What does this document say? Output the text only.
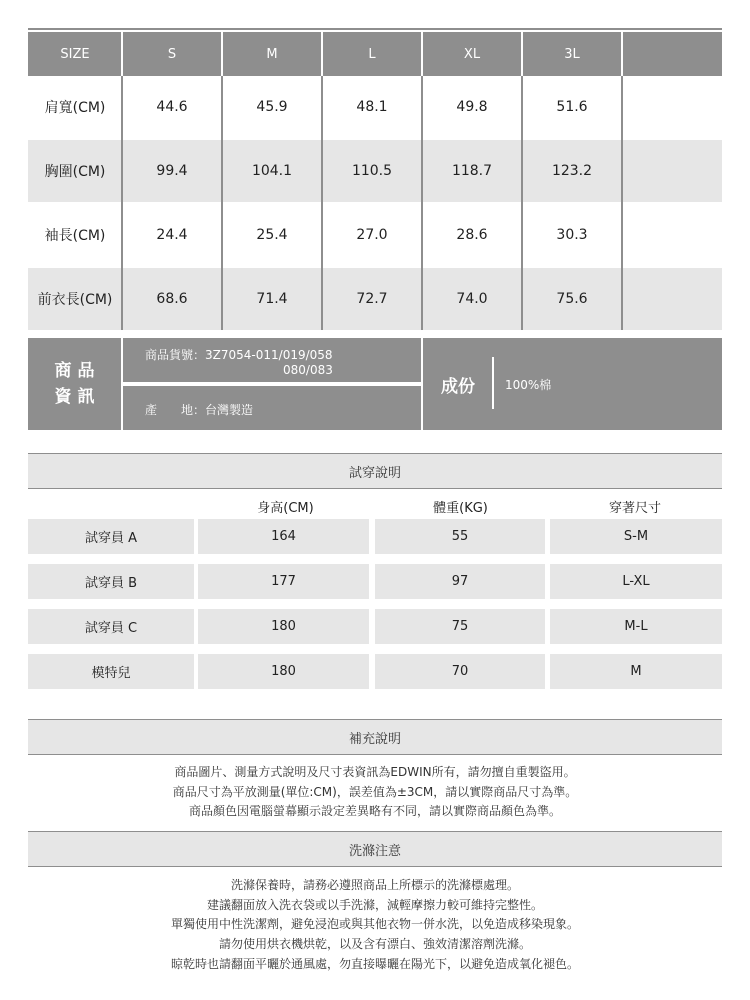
SIZE	S	M	L	XL	3L
肩寬(CM)	44.6	45.9	48.1	49.8	51.6
胸圍(CM)	99.4	104.1	110.5	118.7	123.2
袖長(CM)	24.4	25.4	27.0	28.6	30.3
前衣長(CM)	68.6	71.4	72.7	74.0	75.6
商 品
資 訊
商品貨號：3Z7054-011/019/058
080/083
產　　地：台灣製造
成份	100%棉
試穿說明
身高(CM)	體重(KG)	穿著尺寸
試穿員 A	164	55	S-M
試穿員 B	177	97	L-XL
試穿員 C	180	75	M-L
模特兒	180	70	M
補充說明
商品圖片、測量方式說明及尺寸表資訊為EDWIN所有，請勿擅自重製盜用。
商品尺寸為平放測量(單位:CM)，誤差值為±3CM，請以實際商品尺寸為準。
商品顏色因電腦螢幕顯示設定差異略有不同，請以實際商品顏色為準。
洗滌注意
洗滌保養時，請務必遵照商品上所標示的洗滌標處理。
建議翻面放入洗衣袋或以手洗滌，減輕摩擦力較可維持完整性。
單獨使用中性洗潔劑，避免浸泡或與其他衣物一併水洗，以免造成移染現象。
請勿使用烘衣機烘乾，以及含有漂白、強效清潔溶劑洗滌。
晾乾時也請翻面平曬於通風處，勿直接曝曬在陽光下，以避免造成氧化褪色。
